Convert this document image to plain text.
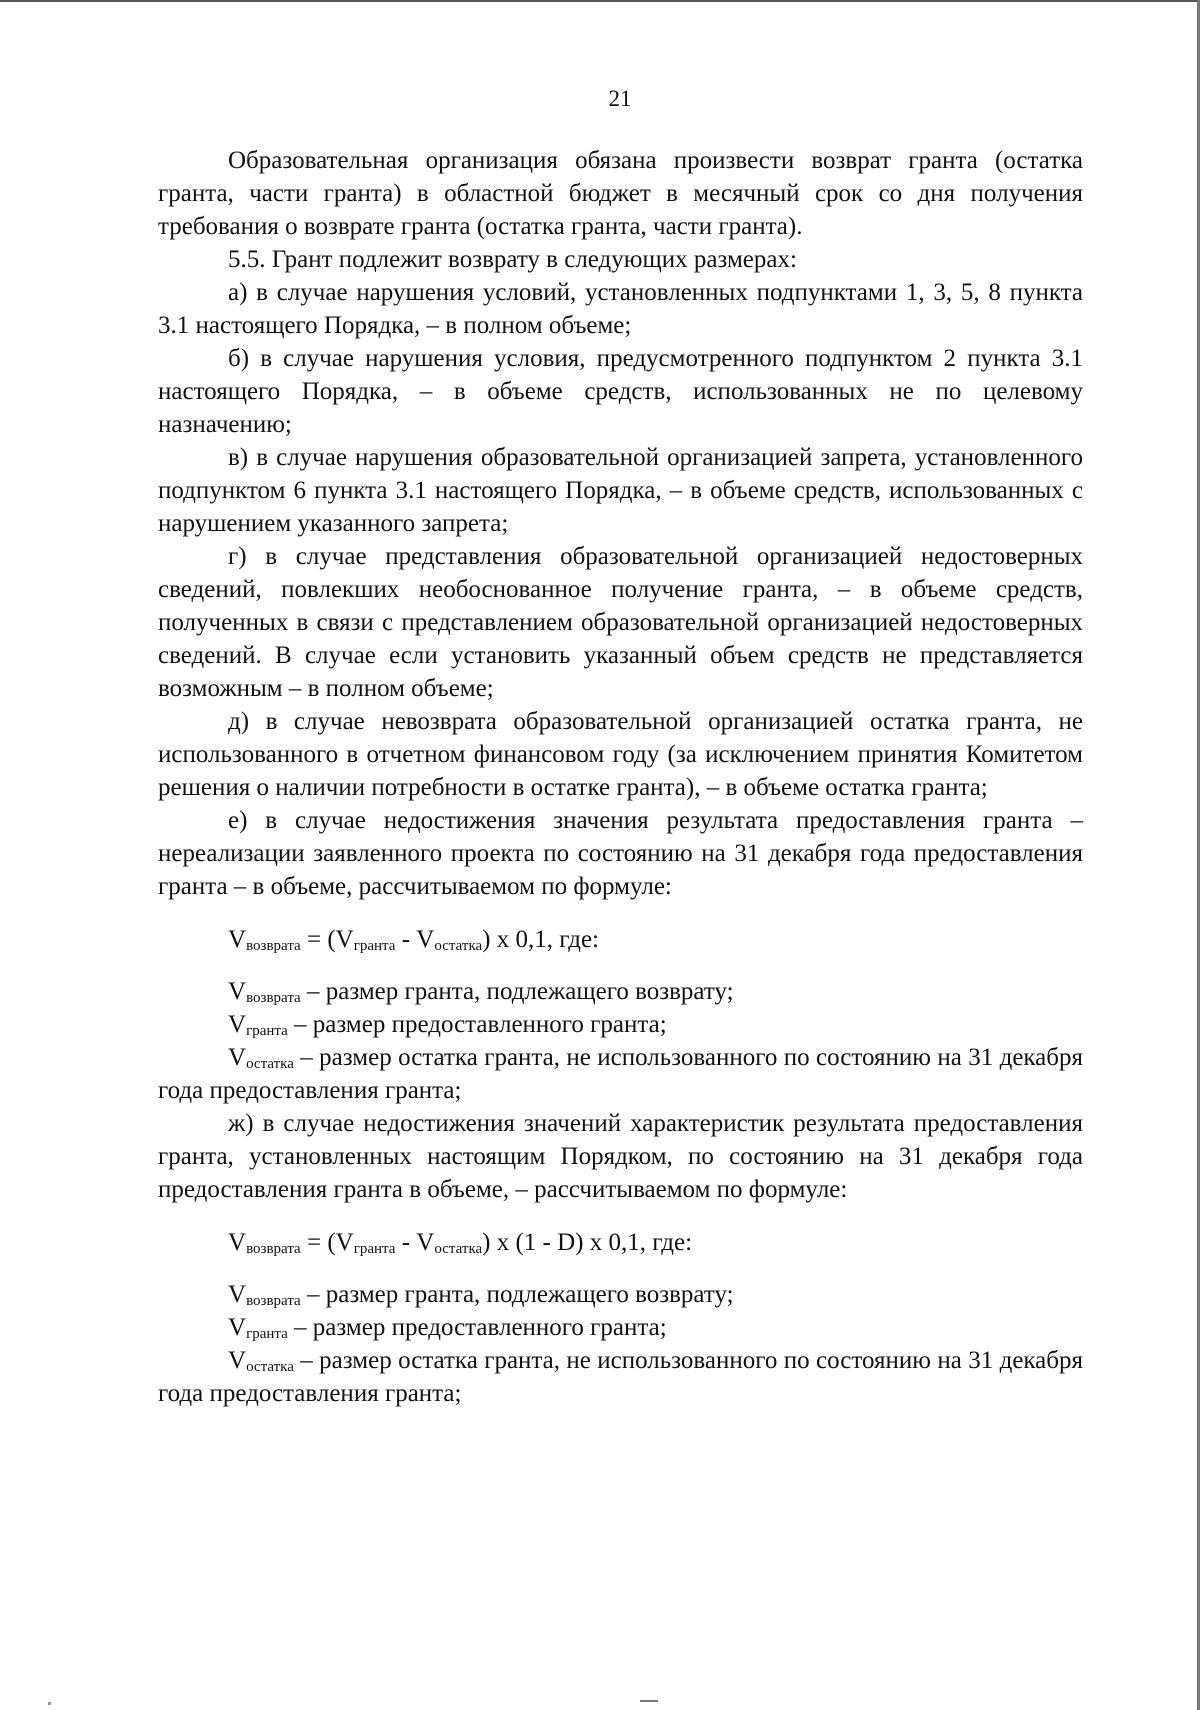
21

Образовательная организация обязана произвести возврат гранта (остатка гранта, части гранта) в областной бюджет в месячный срок со дня получения требования о возврате гранта (остатка гранта, части гранта).

5.5. Грант подлежит возврату в следующих размерах:

а) в случае нарушения условий, установленных подпунктами 1, 3, 5, 8 пункта 3.1 настоящего Порядка, – в полном объеме;

б) в случае нарушения условия, предусмотренного подпунктом 2 пункта 3.1 настоящего Порядка, – в объеме средств, использованных не по целевому назначению;

в) в случае нарушения образовательной организацией запрета, установленного подпунктом 6 пункта 3.1 настоящего Порядка, – в объеме средств, использованных с нарушением указанного запрета;

г) в случае представления образовательной организацией недостоверных сведений, повлекших необоснованное получение гранта, – в объеме средств, полученных в связи с представлением образовательной организацией недостоверных сведений. В случае если установить указанный объем средств не представляется возможным – в полном объеме;

д) в случае невозврата образовательной организацией остатка гранта, не использованного в отчетном финансовом году (за исключением принятия Комитетом решения о наличии потребности в остатке гранта), – в объеме остатка гранта;

е) в случае недостижения значения результата предоставления гранта – нереализации заявленного проекта по состоянию на 31 декабря года предоставления гранта – в объеме, рассчитываемом по формуле:

$V_{возврата} = (V_{гранта} - V_{остатка})$ x 0,1, где:

$V_{возврата}$ – размер гранта, подлежащего возврату;

$V_{гранта}$ – размер предоставленного гранта;

$V_{остатка}$ – размер остатка гранта, не использованного по состоянию на 31 декабря года предоставления гранта;

ж) в случае недостижения значений характеристик результата предоставления гранта, установленных настоящим Порядком, по состоянию на 31 декабря года предоставления гранта в объеме, – рассчитываемом по формуле:

$V_{возврата} = (V_{гранта} - V_{остатка})$ x (1 - D) x 0,1, где:

$V_{возврата}$ – размер гранта, подлежащего возврату;

$V_{гранта}$ – размер предоставленного гранта;

$V_{остатка}$ – размер остатка гранта, не использованного по состоянию на 31 декабря года предоставления гранта;
